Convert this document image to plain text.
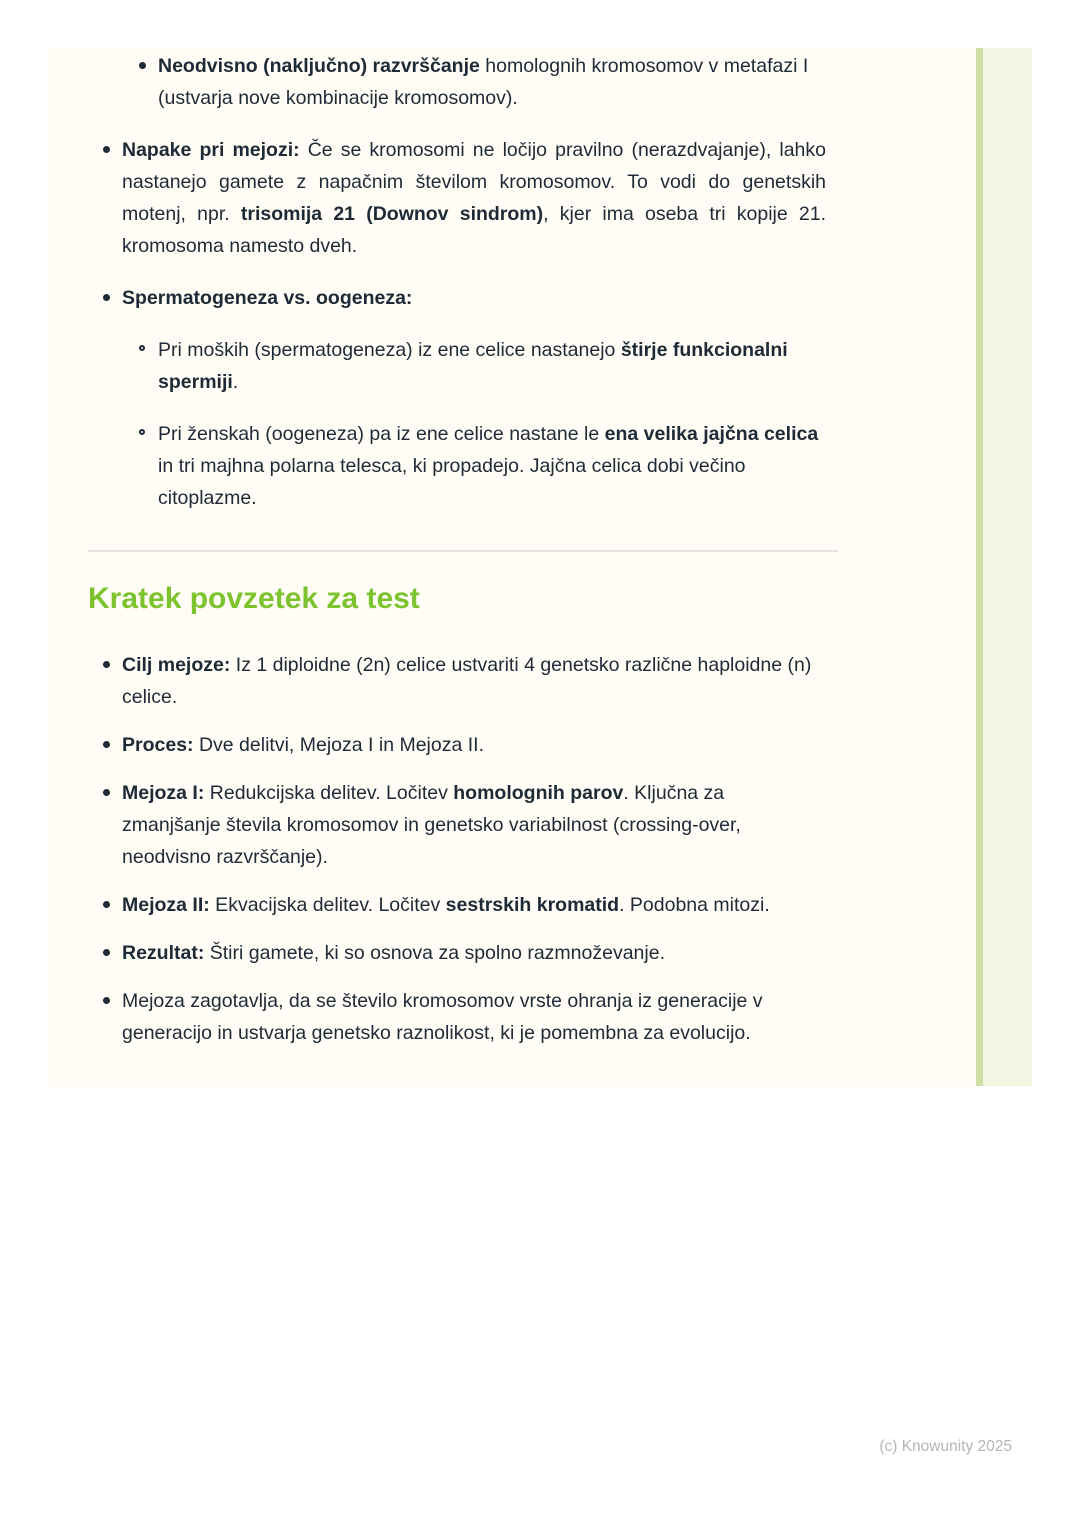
Neodvisno (naključno) razvrščanje homolognih kromosomov v metafazi I (ustvarja nove kombinacije kromosomov).
Napake pri mejozi: Če se kromosomi ne ločijo pravilno (nerazdvajanje), lahko nastanejo gamete z napačnim številom kromosomov. To vodi do genetskih motenj, npr. trisomija 21 (Downov sindrom), kjer ima oseba tri kopije 21. kromosoma namesto dveh.
Spermatogeneza vs. oogeneza:
Pri moških (spermatogeneza) iz ene celice nastanejo štirje funkcionalni spermiji.
Pri ženskah (oogeneza) pa iz ene celice nastane le ena velika jajčna celica in tri majhna polarna telesca, ki propadejo. Jajčna celica dobi večino citoplazme.
Kratek povzetek za test
Cilj mejoze: Iz 1 diploidne (2n) celice ustvariti 4 genetsko različne haploidne (n) celice.
Proces: Dve delitvi, Mejoza I in Mejoza II.
Mejoza I: Redukcijska delitev. Ločitev homolognih parov. Ključna za zmanjšanje števila kromosomov in genetsko variabilnost (crossing-over, neodvisno razvrščanje).
Mejoza II: Ekvacijska delitev. Ločitev sestrskih kromatid. Podobna mitozi.
Rezultat: Štiri gamete, ki so osnova za spolno razmnoževanje.
Mejoza zagotavlja, da se število kromosomov vrste ohranja iz generacije v generacijo in ustvarja genetsko raznolikost, ki je pomembna za evolucijo.
(c) Knowunity 2025
